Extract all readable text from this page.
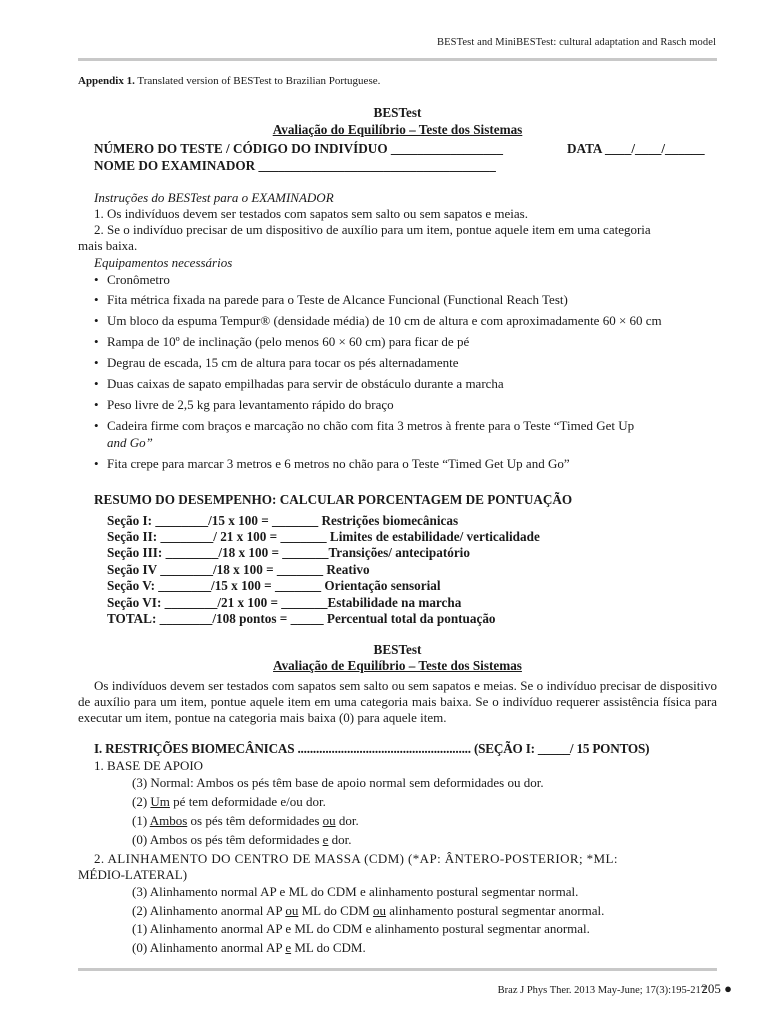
BESTest and MiniBESTest: cultural adaptation and Rasch model
Appendix 1. Translated version of BESTest to Brazilian Portuguese.
BESTest
Avaliação do Equilíbrio – Teste dos Sistemas
NÚMERO DO TESTE / CÓDIGO DO INDIVÍDUO _________________	DATA ____/____/______
NOME DO EXAMINADOR ____________________________________
Instruções do BESTest para o EXAMINADOR
1. Os indivíduos devem ser testados com sapatos sem salto ou sem sapatos e meias.
2. Se o indivíduo precisar de um dispositivo de auxílio para um item, pontue aquele item em uma categoria
mais baixa.
Equipamentos necessários
• Cronômetro
• Fita métrica fixada na parede para o Teste de Alcance Funcional (Functional Reach Test)
• Um bloco da espuma Tempur® (densidade média) de 10 cm de altura e com aproximadamente 60 × 60 cm
• Rampa de 10º de inclinação (pelo menos 60 × 60 cm) para ficar de pé
• Degrau de escada, 15 cm de altura para tocar os pés alternadamente
• Duas caixas de sapato empilhadas para servir de obstáculo durante a marcha
• Peso livre de 2,5 kg para levantamento rápido do braço
• Cadeira firme com braços e marcação no chão com fita 3 metros à frente para o Teste “Timed Get Up
and Go”
• Fita crepe para marcar 3 metros e 6 metros no chão para o Teste “Timed Get Up and Go”
RESUMO DO DESEMPENHO: CALCULAR PORCENTAGEM DE PONTUAÇÃO
Seção I: ________/15 x 100 = _______ Restrições biomecânicas
Seção II: ________/ 21 x 100 = _______ Limites de estabilidade/ verticalidade
Seção III: ________/18 x 100 = _______Transições/ antecipatório
Seção IV ________/18 x 100 = _______ Reativo
Seção V: ________/15 x 100 = _______ Orientação sensorial
Seção VI: ________/21 x 100 = _______Estabilidade na marcha
TOTAL: ________/108 pontos = _____ Percentual total da pontuação
BESTest
Avaliação de Equilíbrio – Teste dos Sistemas
Os indivíduos devem ser testados com sapatos sem salto ou sem sapatos e meias. Se o indivíduo precisar de dispositivo de auxílio para um item, pontue aquele item em uma categoria mais baixa. Se o indivíduo requerer assistência física para executar um item, pontue na categoria mais baixa (0) para aquele item.
I. RESTRIÇÕES BIOMECÂNICAS ........................................................ (SEÇÃO I: _____/ 15 PONTOS)
1. BASE DE APOIO
(3) Normal: Ambos os pés têm base de apoio normal sem deformidades ou dor.
(2) Um pé tem deformidade e/ou dor.
(1) Ambos os pés têm deformidades ou dor.
(0) Ambos os pés têm deformidades e dor.
2. ALINHAMENTO DO CENTRO DE MASSA (CDM) (*AP: ÂNTERO-POSTERIOR; *ML:
MÉDIO-LATERAL)
(3) Alinhamento normal AP e ML do CDM e alinhamento postural segmentar normal.
(2) Alinhamento anormal AP ou ML do CDM ou alinhamento postural segmentar anormal.
(1) Alinhamento anormal AP e ML do CDM e alinhamento postural segmentar anormal.
(0) Alinhamento anormal AP e ML do CDM.
Braz J Phys Ther. 2013 May-June; 17(3):195-217
205 ●
